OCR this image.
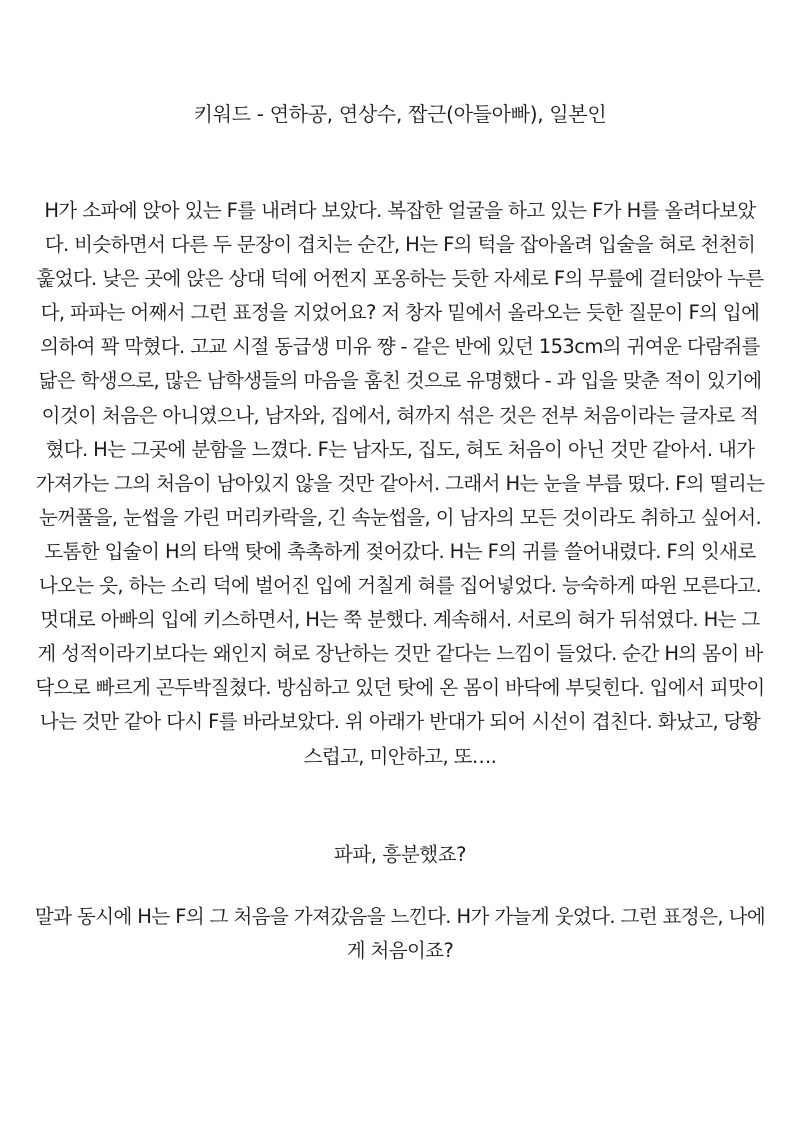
키워드 - 연하공, 연상수, 짭근(아들아빠), 일본인

H가 소파에 앉아 있는 F를 내려다 보았다. 복잡한 얼굴을 하고 있는 F가 H를 올려다보았다. 비슷하면서 다른 두 문장이 겹치는 순간, H는 F의 턱을 잡아올려 입술을 혀로 천천히 훑었다. 낮은 곳에 앉은 상대 덕에 어쩐지 포옹하는 듯한 자세로 F의 무릎에 걸터앉아 누른다, 파파는 어째서 그런 표정을 지었어요? 저 창자 밑에서 올라오는 듯한 질문이 F의 입에 의하여 꽉 막혔다. 고교 시절 동급생 미유 쨩 - 같은 반에 있던 153cm의 귀여운 다람쥐를 닮은 학생으로, 많은 남학생들의 마음을 훔친 것으로 유명했다 - 과 입을 맞춘 적이 있기에 이것이 처음은 아니였으나, 남자와, 집에서, 혀까지 섞은 것은 전부 처음이라는 글자로 적혔다. H는 그곳에 분함을 느꼈다. F는 남자도, 집도, 혀도 처음이 아닌 것만 같아서. 내가 가져가는 그의 처음이 남아있지 않을 것만 같아서. 그래서 H는 눈을 부릅 떴다. F의 떨리는 눈꺼풀을, 눈썹을 가린 머리카락을, 긴 속눈썹을, 이 남자의 모든 것이라도 취하고 싶어서. 도톰한 입술이 H의 타액 탓에 촉촉하게 젖어갔다. H는 F의 귀를 쓸어내렸다. F의 잇새로 나오는 읏, 하는 소리 덕에 벌어진 입에 거칠게 혀를 집어넣었다. 능숙하게 따윈 모른다고. 멋대로 아빠의 입에 키스하면서, H는 쭉 분했다. 계속해서. 서로의 혀가 뒤섞였다. H는 그게 성적이라기보다는 왜인지 혀로 장난하는 것만 같다는 느낌이 들었다. 순간 H의 몸이 바닥으로 빠르게 곤두박질쳤다. 방심하고 있던 탓에 온 몸이 바닥에 부딪힌다. 입에서 피맛이 나는 것만 같아 다시 F를 바라보았다. 위 아래가 반대가 되어 시선이 겹친다. 화났고, 당황스럽고, 미안하고, 또….

파파, 흥분했죠?

말과 동시에 H는 F의 그 처음을 가져갔음을 느낀다. H가 가늘게 웃었다. 그런 표정은, 나에게 처음이죠?
